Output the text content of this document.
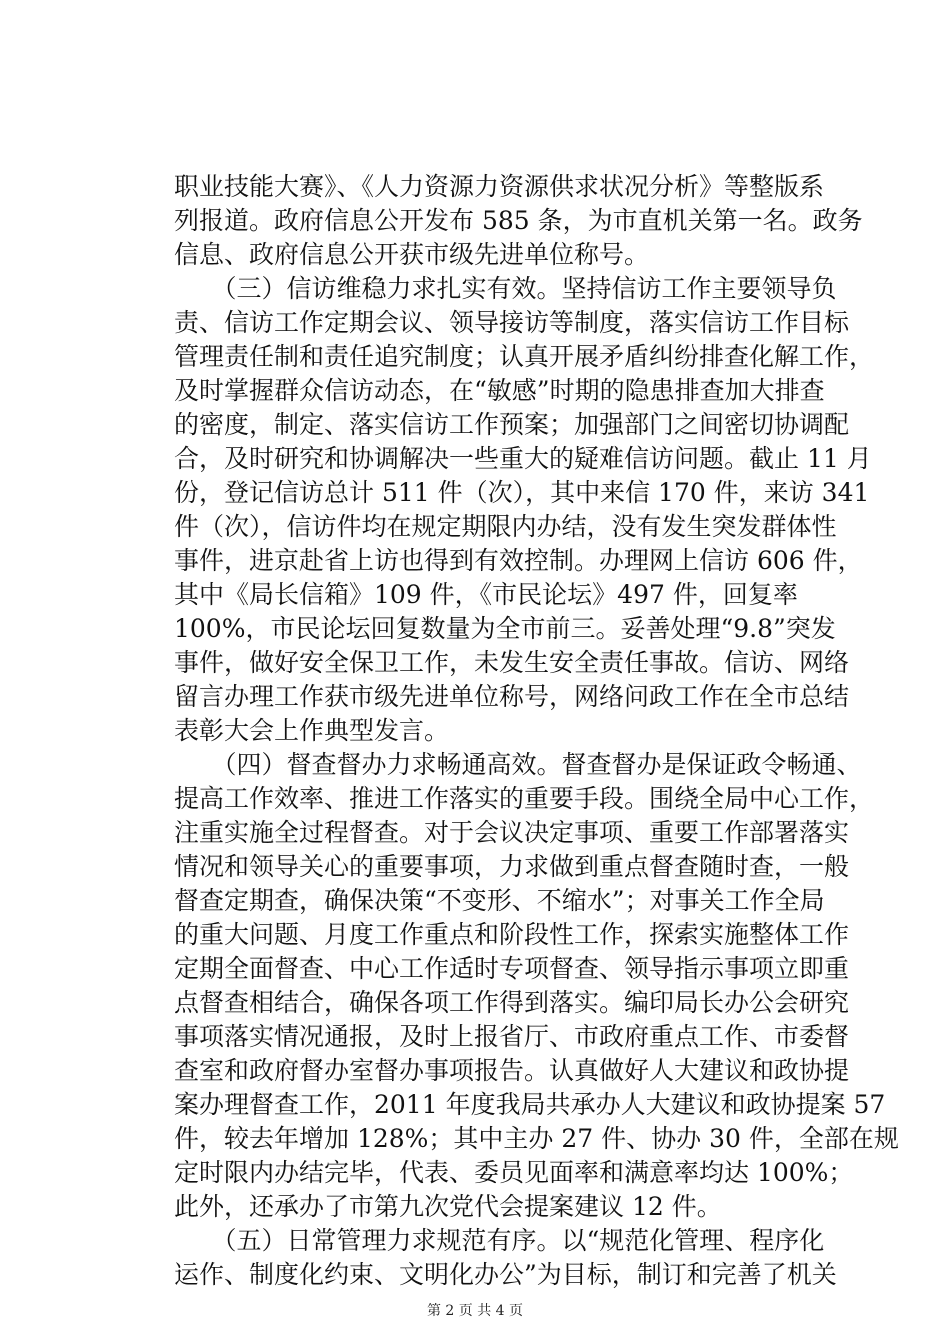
职业技能大赛》、《人力资源力资源供求状况分析》等整版系
列报道。政府信息公开发布 585 条，为市直机关第一名。政务
信息、政府信息公开获市级先进单位称号。
　　（三）信访维稳力求扎实有效。坚持信访工作主要领导负
责、信访工作定期会议、领导接访等制度，落实信访工作目标
管理责任制和责任追究制度；认真开展矛盾纠纷排查化解工作，
及时掌握群众信访动态，在“敏感”时期的隐患排查加大排查
的密度，制定、落实信访工作预案；加强部门之间密切协调配
合，及时研究和协调解决一些重大的疑难信访问题。截止 11 月
份，登记信访总计 511 件（次），其中来信 170 件，来访 341
件（次），信访件均在规定期限内办结，没有发生突发群体性
事件，进京赴省上访也得到有效控制。办理网上信访 606 件，
其中《局长信箱》109 件，《市民论坛》497 件，回复率
100%，市民论坛回复数量为全市前三。妥善处理“9.8”突发
事件，做好安全保卫工作，未发生安全责任事故。信访、网络
留言办理工作获市级先进单位称号，网络问政工作在全市总结
表彰大会上作典型发言。
　　（四）督查督办力求畅通高效。督查督办是保证政令畅通、
提高工作效率、推进工作落实的重要手段。围绕全局中心工作，
注重实施全过程督查。对于会议决定事项、重要工作部署落实
情况和领导关心的重要事项，力求做到重点督查随时查，一般
督查定期查，确保决策“不变形、不缩水”；对事关工作全局
的重大问题、月度工作重点和阶段性工作，探索实施整体工作
定期全面督查、中心工作适时专项督查、领导指示事项立即重
点督查相结合，确保各项工作得到落实。编印局长办公会研究
事项落实情况通报，及时上报省厅、市政府重点工作、市委督
查室和政府督办室督办事项报告。认真做好人大建议和政协提
案办理督查工作，2011 年度我局共承办人大建议和政协提案 57
件，较去年增加 128%；其中主办 27 件、协办 30 件，全部在规
定时限内办结完毕，代表、委员见面率和满意率均达 100%；
此外，还承办了市第九次党代会提案建议 12 件。
　　（五）日常管理力求规范有序。以“规范化管理、程序化
运作、制度化约束、文明化办公”为目标，制订和完善了机关
第 2 页 共 4 页
